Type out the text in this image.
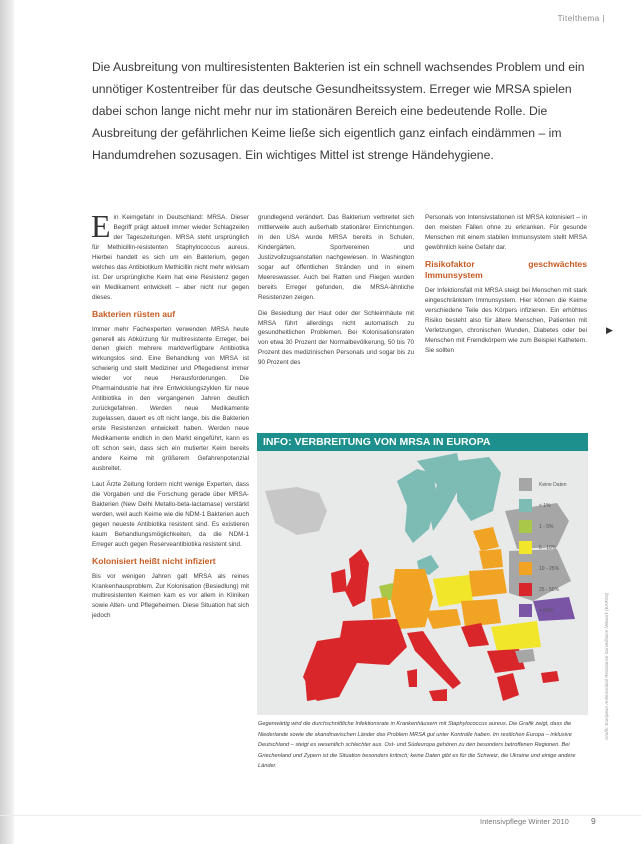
Titelthema |
Die Ausbreitung von multiresistenten Bakterien ist ein schnell wachsendes Problem und ein unnötiger Kostentreiber für das deutsche Gesundheitssystem. Erreger wie MRSA spielen dabei schon lange nicht mehr nur im stationären Bereich eine bedeutende Rolle. Die Ausbreitung der gefährlichen Keime ließe sich eigentlich ganz einfach eindämmen – im Handumdrehen sozusagen. Ein wichtiges Mittel ist strenge Händehygiene.

Ein Keimgefahr in Deutschland: MRSA. Dieser Begriff prägt aktuell immer wieder Schlagzeilen der Tageszeitungen. MRSA steht ursprünglich für Methicillin-resistenten Staphylococcus aureus. Hierbei handelt es sich um ein Bakterium, gegen welches das Antibiotikum Methicillin nicht mehr wirksam ist. Der ursprüngliche Keim hat eine Resistenz gegen ein Medikament entwickelt – aber nicht nur gegen dieses.

Bakterien rüsten auf

Immer mehr Fachexperten verwenden MRSA heute generell als Abkürzung für multiresistente Erreger, bei denen gleich mehrere marktverfügbare Antibiotika wirkungslos sind. Eine Behandlung von MRSA ist schwierig und stellt Mediziner und Pflegedienst immer wieder vor neue Herausforderungen. Die Pharmaindustrie hat ihre Entwicklungszyklen für neue Antibiotika in den vergangenen Jahren deutlich zurückgefahren. Werden neue Medikamente zugelassen, dauert es oft nicht lange, bis die Bakterien erste Resistenzen entwickelt haben. Werden neue Medikamente endlich in den Markt eingeführt, kann es oft schon sein, dass sich ein mutierter Keim bereits andere Keime mit größerem Gefahrenpotenzial ausbreitet.

Laut Ärzte Zeitung fordern nicht wenige Experten, dass die Vorgaben und die Forschung gerade über MRSA-Bakterien (New Delhi Metallo-beta-lactamase) verstärkt werden, weil auch Keime wie die NDM-1 Bakterien auch gegen neueste Antibiotika resistent sind. Es existieren kaum Behandlungsmöglichkeiten, da die NDM-1 Erreger auch gegen Reserveantibiotika resistent sind.

Kolonisiert heißt nicht infiziert

Bis vor wenigen Jahren galt MRSA als reines Krankenhausproblem. Zur Kolonisation (Besiedlung) mit multiresistenten Keimen kam es vor allem in Kliniken sowie Alten- und Pflegeheimen. Diese Situation hat sich jedoch

grundlegend verändert. Das Bakterium verbreitet sich mittlerweile auch außerhalb stationärer Einrichtungen. In den USA wurde MRSA bereits in Schulen, Kindergärten, Sportvereinen und Justizvollzugsanstalten nachgewiesen. In Washington sogar auf öffentlichen Stränden und in einem Meereswasser. Auch bei Ratten und Fliegen wurden bereits Erreger gefunden, die MRSA-ähnliche Resistenzen zeigen.

Die Besiedlung der Haut oder der Schleimhäute mit MRSA führt allerdings nicht automatisch zu gesundheitlichen Problemen. Bei Kolonisationsraten von etwa 30 Prozent der Normalbevölkerung, 50 bis 70 Prozent des medizinischen Personals und sogar bis zu 90 Prozent des

Personals von Intensivstationen ist MRSA kolonisiert – in den meisten Fällen ohne zu erkranken. Für gesunde Menschen mit einem stabilen Immunsystem stellt MRSA gewöhnlich keine Gefahr dar.

Risikofaktor geschwächtes Immunsystem

Der Infektionsfall mit MRSA steigt bei Menschen mit stark eingeschränktem Immunsystem. Hier können die Keime verschiedene Teile des Körpers infizieren. Ein erhöhtes Risiko besteht also für ältere Menschen, Patienten mit Verletzungen, chronischen Wunden, Diabetes oder bei Menschen mit Fremdkörpern wie zum Beispiel Kathetern. Sie sollten

▶
INFO: VERBREITUNG VON MRSA IN EUROPA
Keine Daten
< 1%
1 - 5%
5 - 10%
10 - 25%
25 - 50%
> 50%	Grafik: European Antimicrobial Resistance Surveillance Network (EARSS)
Gegenwärtig wird die durchschnittliche Infektionsrate in Krankenhäusern mit Staphylococcus aureus. Die Grafik zeigt, dass die Niederlande sowie die skandinavischen Länder das Problem MRSA gut unter Kontrolle haben. Im restlichen Europa – inklusive Deutschland – steigt es wesentlich schlechter aus. Ost- und Südeuropa gehören zu den besonders betroffenen Regionen. Bei Griechenland und Zypern ist die Situation besonders kritisch; keine Daten gibt es für die Schweiz, die Ukraine und einige andere Länder.
Intensivpflege Winter 2010	9
